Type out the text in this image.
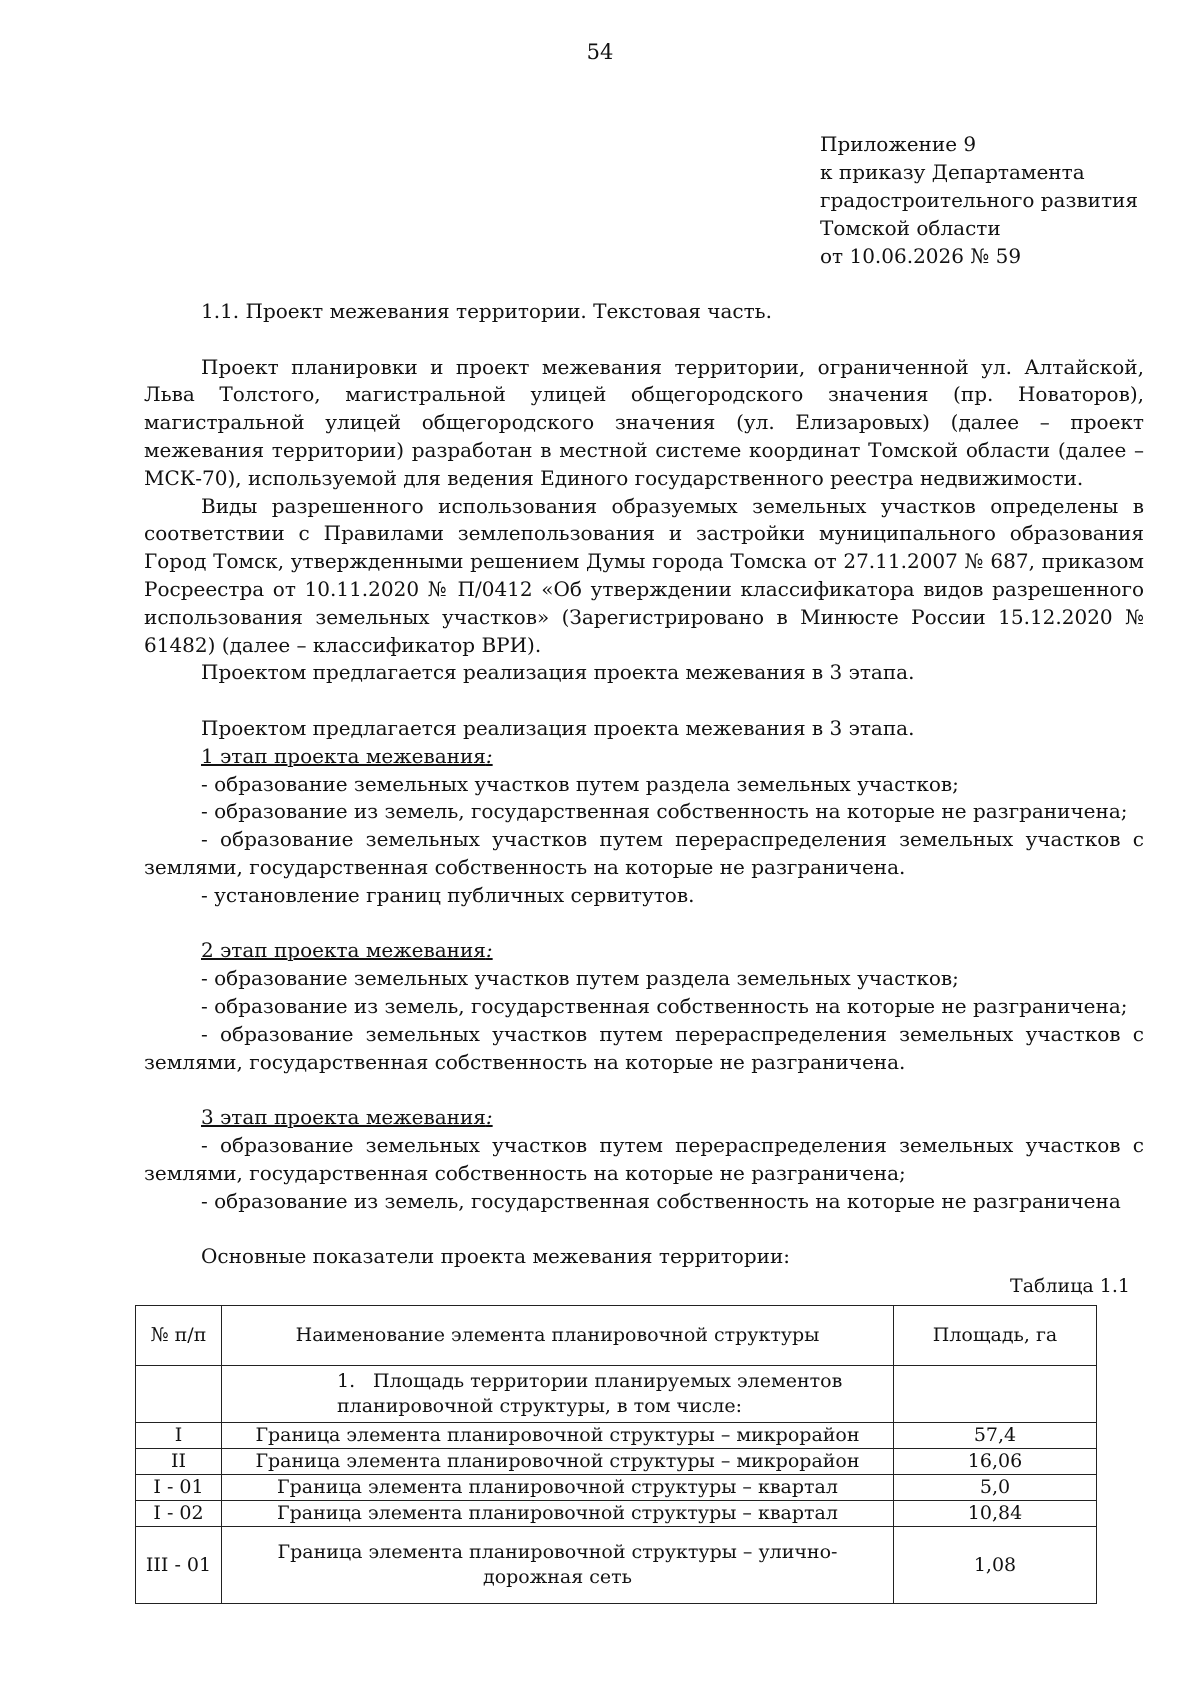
54
Приложение 9
к приказу Департамента
градостроительного развития
Томской области
от 10.06.2026 № 59

1.1. Проект межевания территории. Текстовая часть.

Проект планировки и проект межевания территории, ограниченной ул. Алтайской, Льва Толстого, магистральной улицей общегородского значения (пр. Новаторов), магистральной улицей общегородского значения (ул. Елизаровых) (далее – проект межевания территории) разработан в местной системе координат Томской области (далее – МСК-70), используемой для ведения Единого государственного реестра недвижимости.

Виды разрешенного использования образуемых земельных участков определены в соответствии с Правилами землепользования и застройки муниципального образования Город Томск, утвержденными решением Думы города Томска от 27.11.2007 № 687, приказом Росреестра от 10.11.2020 № П/0412 «Об утверждении классификатора видов разрешенного использования земельных участков» (Зарегистрировано в Минюсте России 15.12.2020 № 61482) (далее – классификатор ВРИ).

Проектом предлагается реализация проекта межевания в 3 этапа.

Проектом предлагается реализация проекта межевания в 3 этапа.

1 этап проекта межевания:

- образование земельных участков путем раздела земельных участков;

- образование из земель, государственная собственность на которые не разграничена;

- образование земельных участков путем перераспределения земельных участков с землями, государственная собственность на которые не разграничена.

- установление границ публичных сервитутов.

2 этап проекта межевания:

- образование земельных участков путем раздела земельных участков;

- образование из земель, государственная собственность на которые не разграничена;

- образование земельных участков путем перераспределения земельных участков с землями, государственная собственность на которые не разграничена.

3 этап проекта межевания:

- образование земельных участков путем перераспределения земельных участков с землями, государственная собственность на которые не разграничена;

- образование из земель, государственная собственность на которые не разграничена

Основные показатели проекта межевания территории:

Таблица 1.1
№ п/п	Наименование элемента планировочной структуры	Площадь, га
	1. Площадь территории планируемых элементов планировочной структуры, в том числе:	
I	Граница элемента планировочной структуры – микрорайон	57,4
II	Граница элемента планировочной структуры – микрорайон	16,06
I - 01	Граница элемента планировочной структуры – квартал	5,0
I - 02	Граница элемента планировочной структуры – квартал	10,84
III - 01	Граница элемента планировочной структуры – улично-дорожная сеть	1,08
